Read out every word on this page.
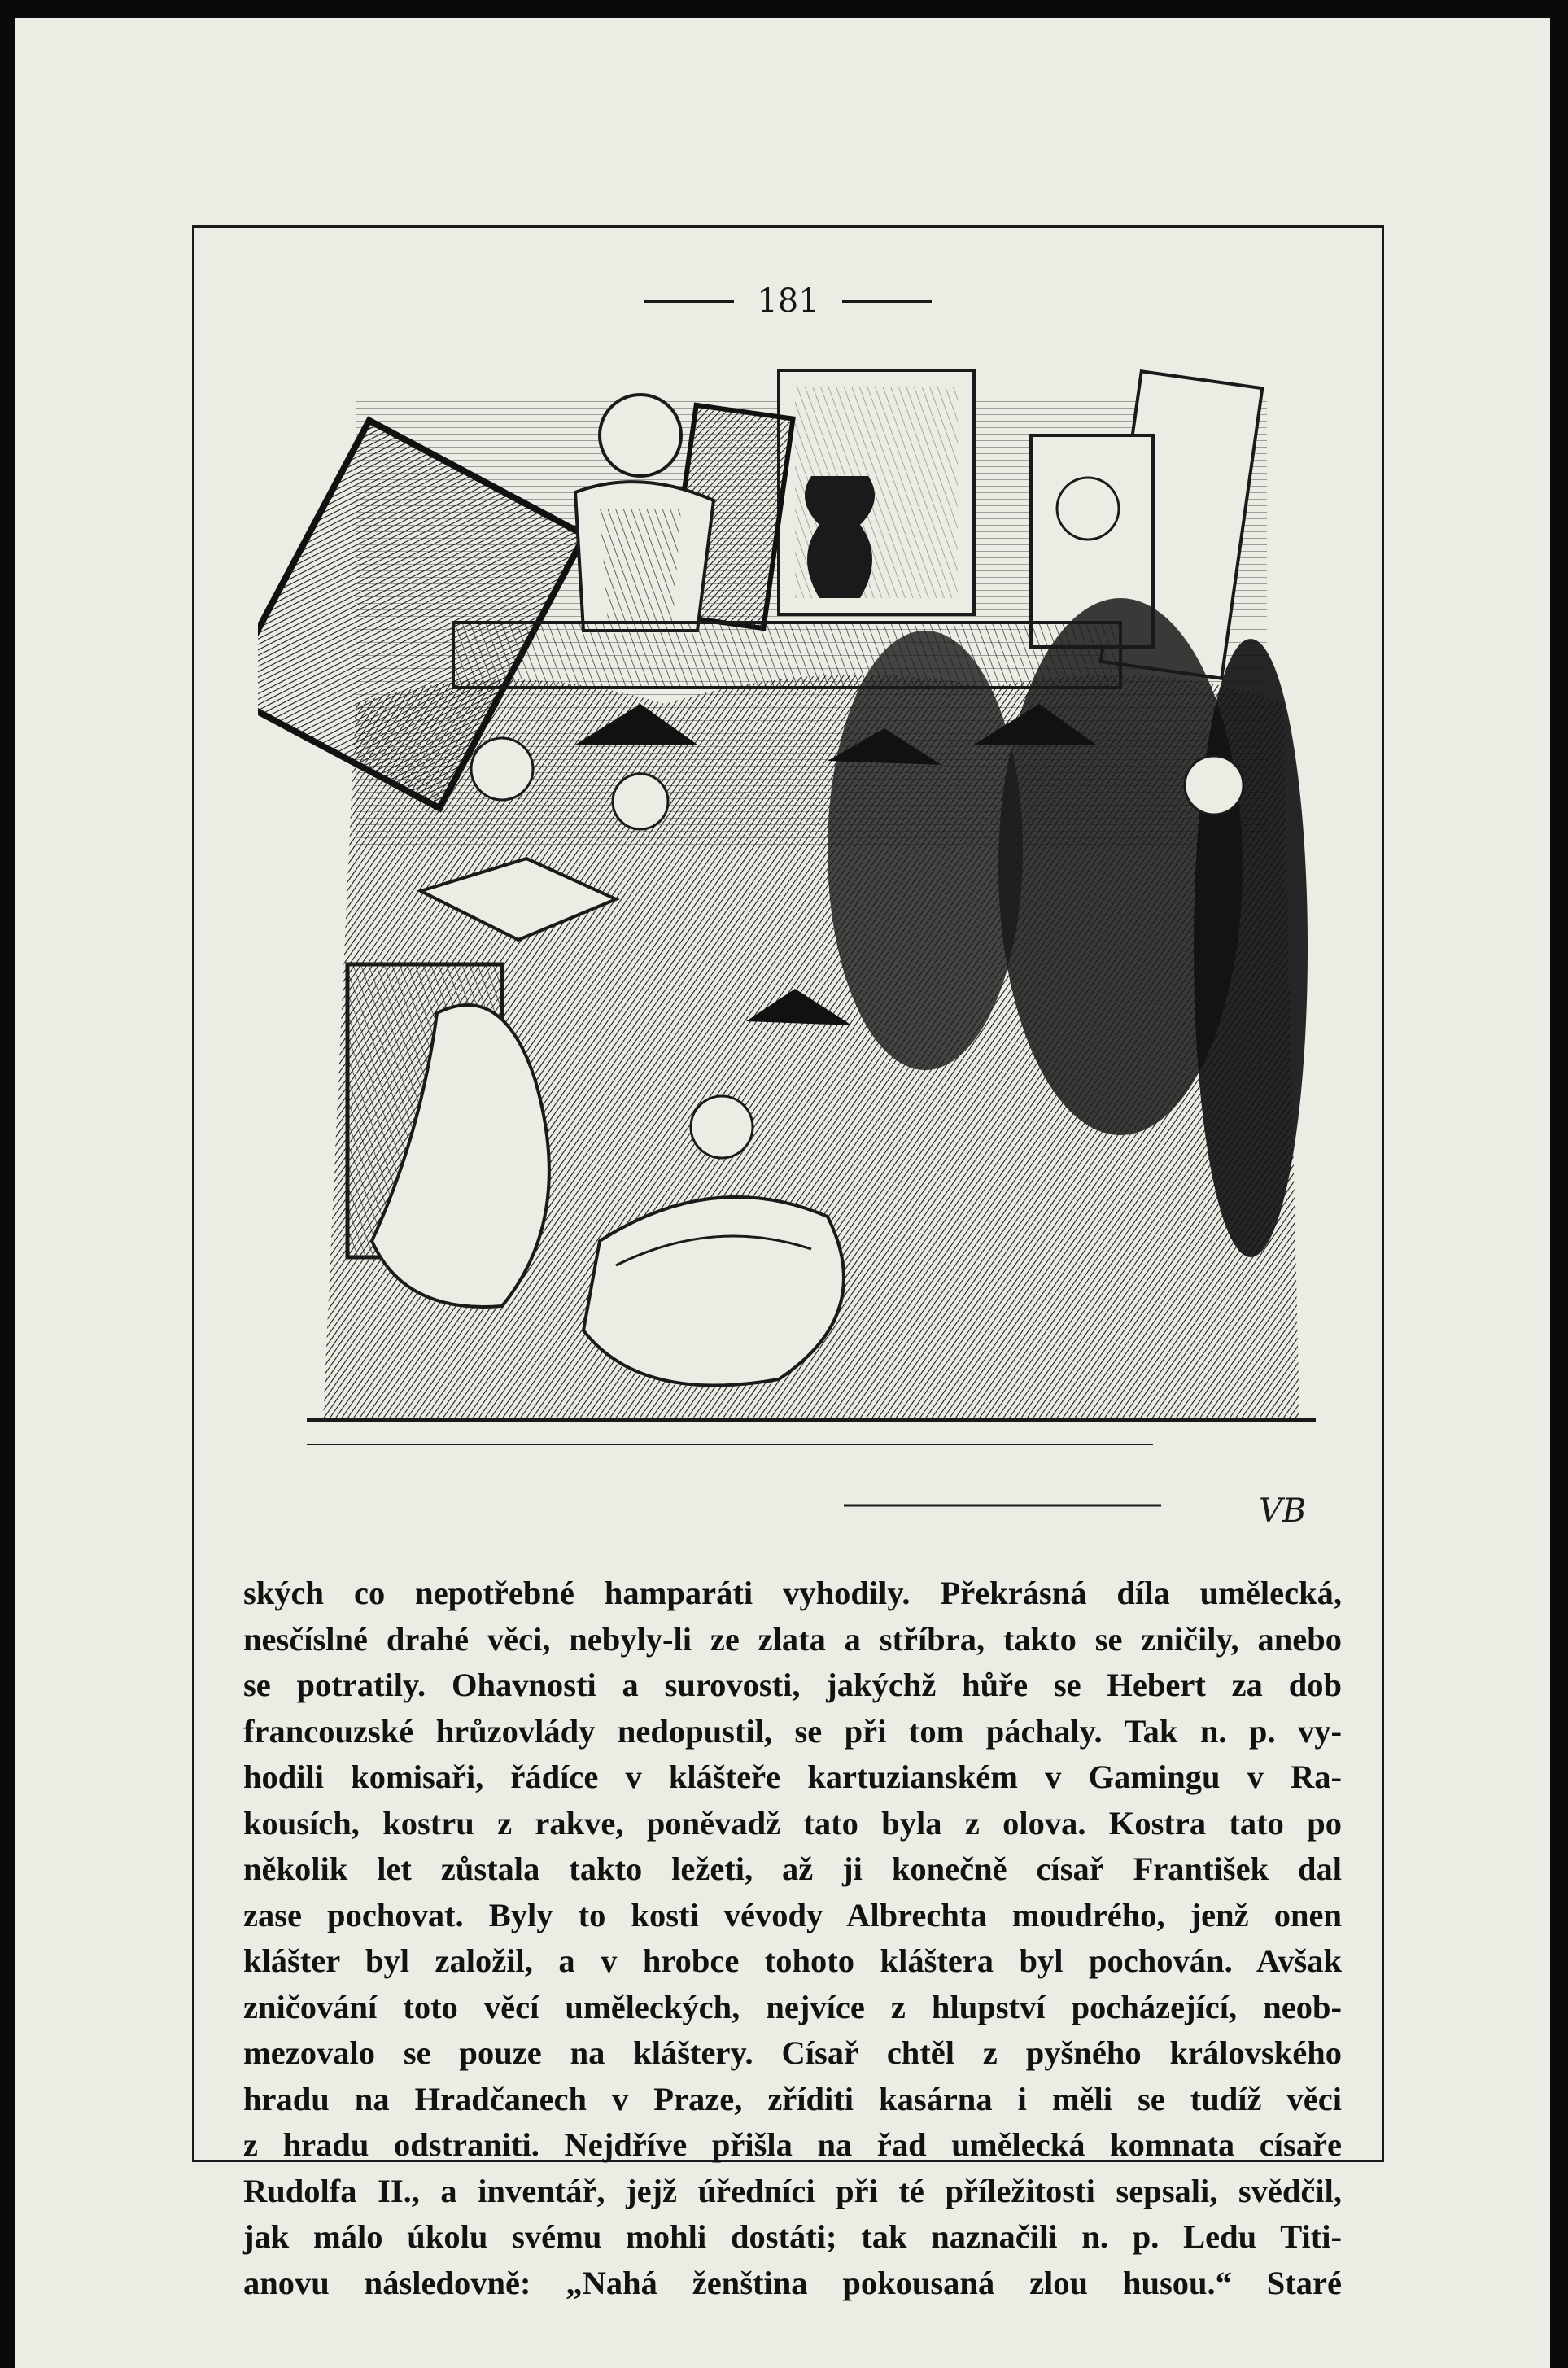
181
VB
ských co nepotřebné hamparáti vyhodily. Překrásná díla umělecká,
nesčíslné drahé věci, nebyly-li ze zlata a stříbra, takto se zničily, anebo
se potratily. Ohavnosti a surovosti, jakýchž hůře se Hebert za dob
francouzské hrůzovlády nedopustil, se při tom páchaly. Tak n. p. vy-
hodili komisaři, řádíce v klášteře kartuzianském v Gamingu v Ra-
kousích, kostru z rakve, poněvadž tato byla z olova. Kostra tato po
několik let zůstala takto ležeti, až ji konečně císař František dal
zase pochovat. Byly to kosti vévody Albrechta moudrého, jenž onen
klášter byl založil, a v hrobce tohoto kláštera byl pochován. Avšak
zničování toto věcí uměleckých, nejvíce z hlupství pocházející, neob-
mezovalo se pouze na kláštery. Císař chtěl z pyšného královského
hradu na Hradčanech v Praze, zříditi kasárna i měli se tudíž věci
z hradu odstraniti. Nejdříve přišla na řad umělecká komnata císaře
Rudolfa II., a inventář, jejž úředníci při té příležitosti sepsali, svědčil,
jak málo úkolu svému mohli dostáti; tak naznačili n. p. Ledu Titi-
anovu následovně: „Nahá ženština pokousaná zlou husou.“ Staré
